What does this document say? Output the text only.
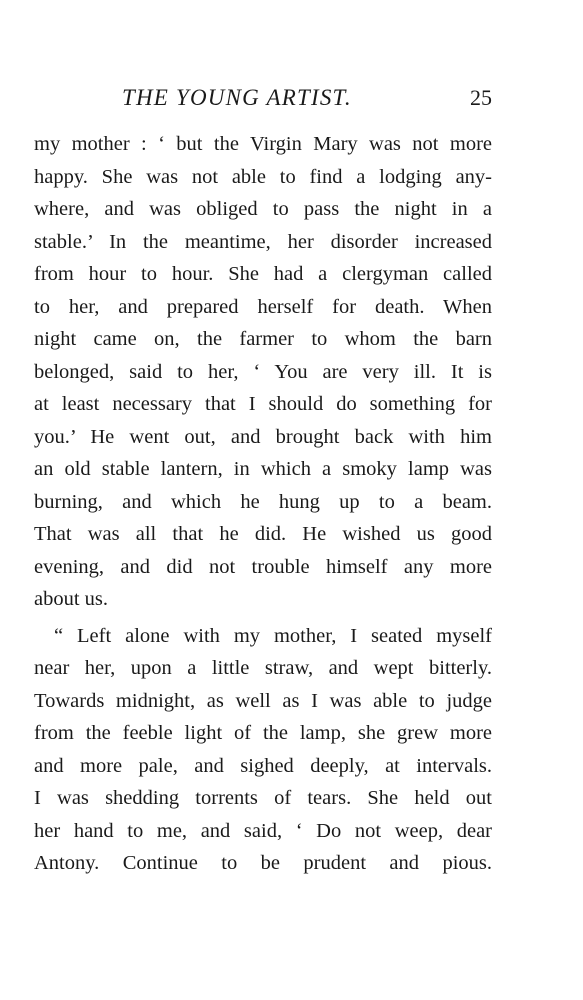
THE YOUNG ARTIST.	25
my mother : ‘ but the Virgin Mary was not more
happy. She was not able to find a lodging any-
where, and was obliged to pass the night in a
stable.’ In the meantime, her disorder increased
from hour to hour. She had a clergyman called
to her, and prepared herself for death. When
night came on, the farmer to whom the barn
belonged, said to her, ‘ You are very ill. It is
at least necessary that I should do something for
you.’ He went out, and brought back with him
an old stable lantern, in which a smoky lamp was
burning, and which he hung up to a beam.
That was all that he did. He wished us good
evening, and did not trouble himself any more
about us.
“ Left alone with my mother, I seated myself
near her, upon a little straw, and wept bitterly.
Towards midnight, as well as I was able to judge
from the feeble light of the lamp, she grew more
and more pale, and sighed deeply, at intervals.
I was shedding torrents of tears. She held out
her hand to me, and said, ‘ Do not weep, dear
Antony. Continue to be prudent and pious.
